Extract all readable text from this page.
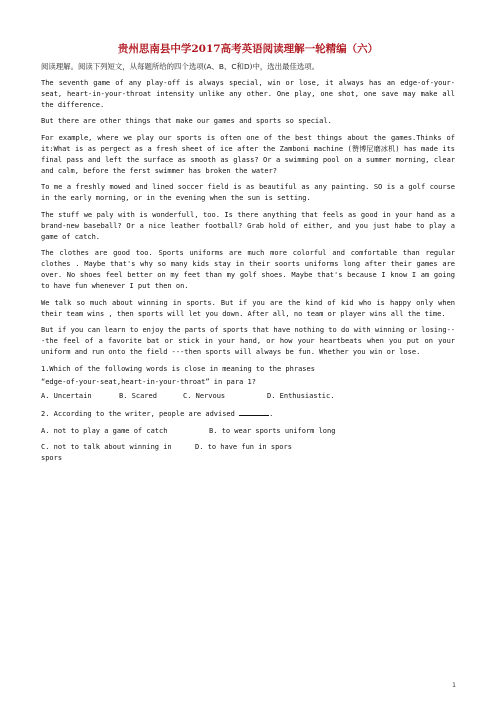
贵州思南县中学2017高考英语阅读理解一轮精编（六）

阅读理解。阅读下列短文，从每题所给的四个选项(A、B、C和D)中，选出最佳选项。

The seventh game of any play-off is always special, win or lose, it always has an edge-of-your-seat, heart-in-your-throat intensity unlike any other. One play, one shot, one save may make all the difference.

But there are other things that make our games and sports so special.

For example, where we play our sports is often one of the best things about the games.Thinks of it:What is as pergect as a fresh sheet of ice after the Zamboni machine (赞博尼磨冰机) has made its final pass and left the surface as smooth as glass? Or a swimming pool on a summer morning, clear and calm, before the ferst swimmer has broken the water?

To me a freshly mowed and lined soccer field is as beautiful as any painting. SO is a golf course in the early morning, or in the evening when the sun is setting.

The stuff we paly with is wonderfull, too. Is there anything that feels as good in your hand as a brand-new baseball? Or a nice leather football? Grab hold of either, and you just habe to play a game of catch.

The clothes are good too. Sports uniforms are much more colorful and comfortable than regular clothes . Maybe that's why so many kids stay in their soorts uniforms long after their games are over. No shoes feel better on my feet than my golf shoes. Maybe that's because I know I am going to have fun whenever I put then on.

We talk so much about winning in sports. But if you are the kind of kid who is happy only when their team wins , then sports will let you down. After all, no team or player wins all the time.

But if you can learn to enjoy the parts of sports that have nothing to do with winning or losing---the feel of a favorite bat or stick in your hand, or how your heartbeats when you put on your uniform and run onto the field ---then sports will always be fun. Whether you win or lose.

1.Which of the following words is close in meaning to the phrases

“edge-of-your-seat,heart-in-your-throat” in para 1?

A. Uncertain	B. Scared	C. Nervous	D. Enthusiastic.

2. According to the writer, people are advised	.

A. not to play a game of catch	B. to wear sports uniform long

C. not to talk about winning in spors
D. to have fun in spors

1
